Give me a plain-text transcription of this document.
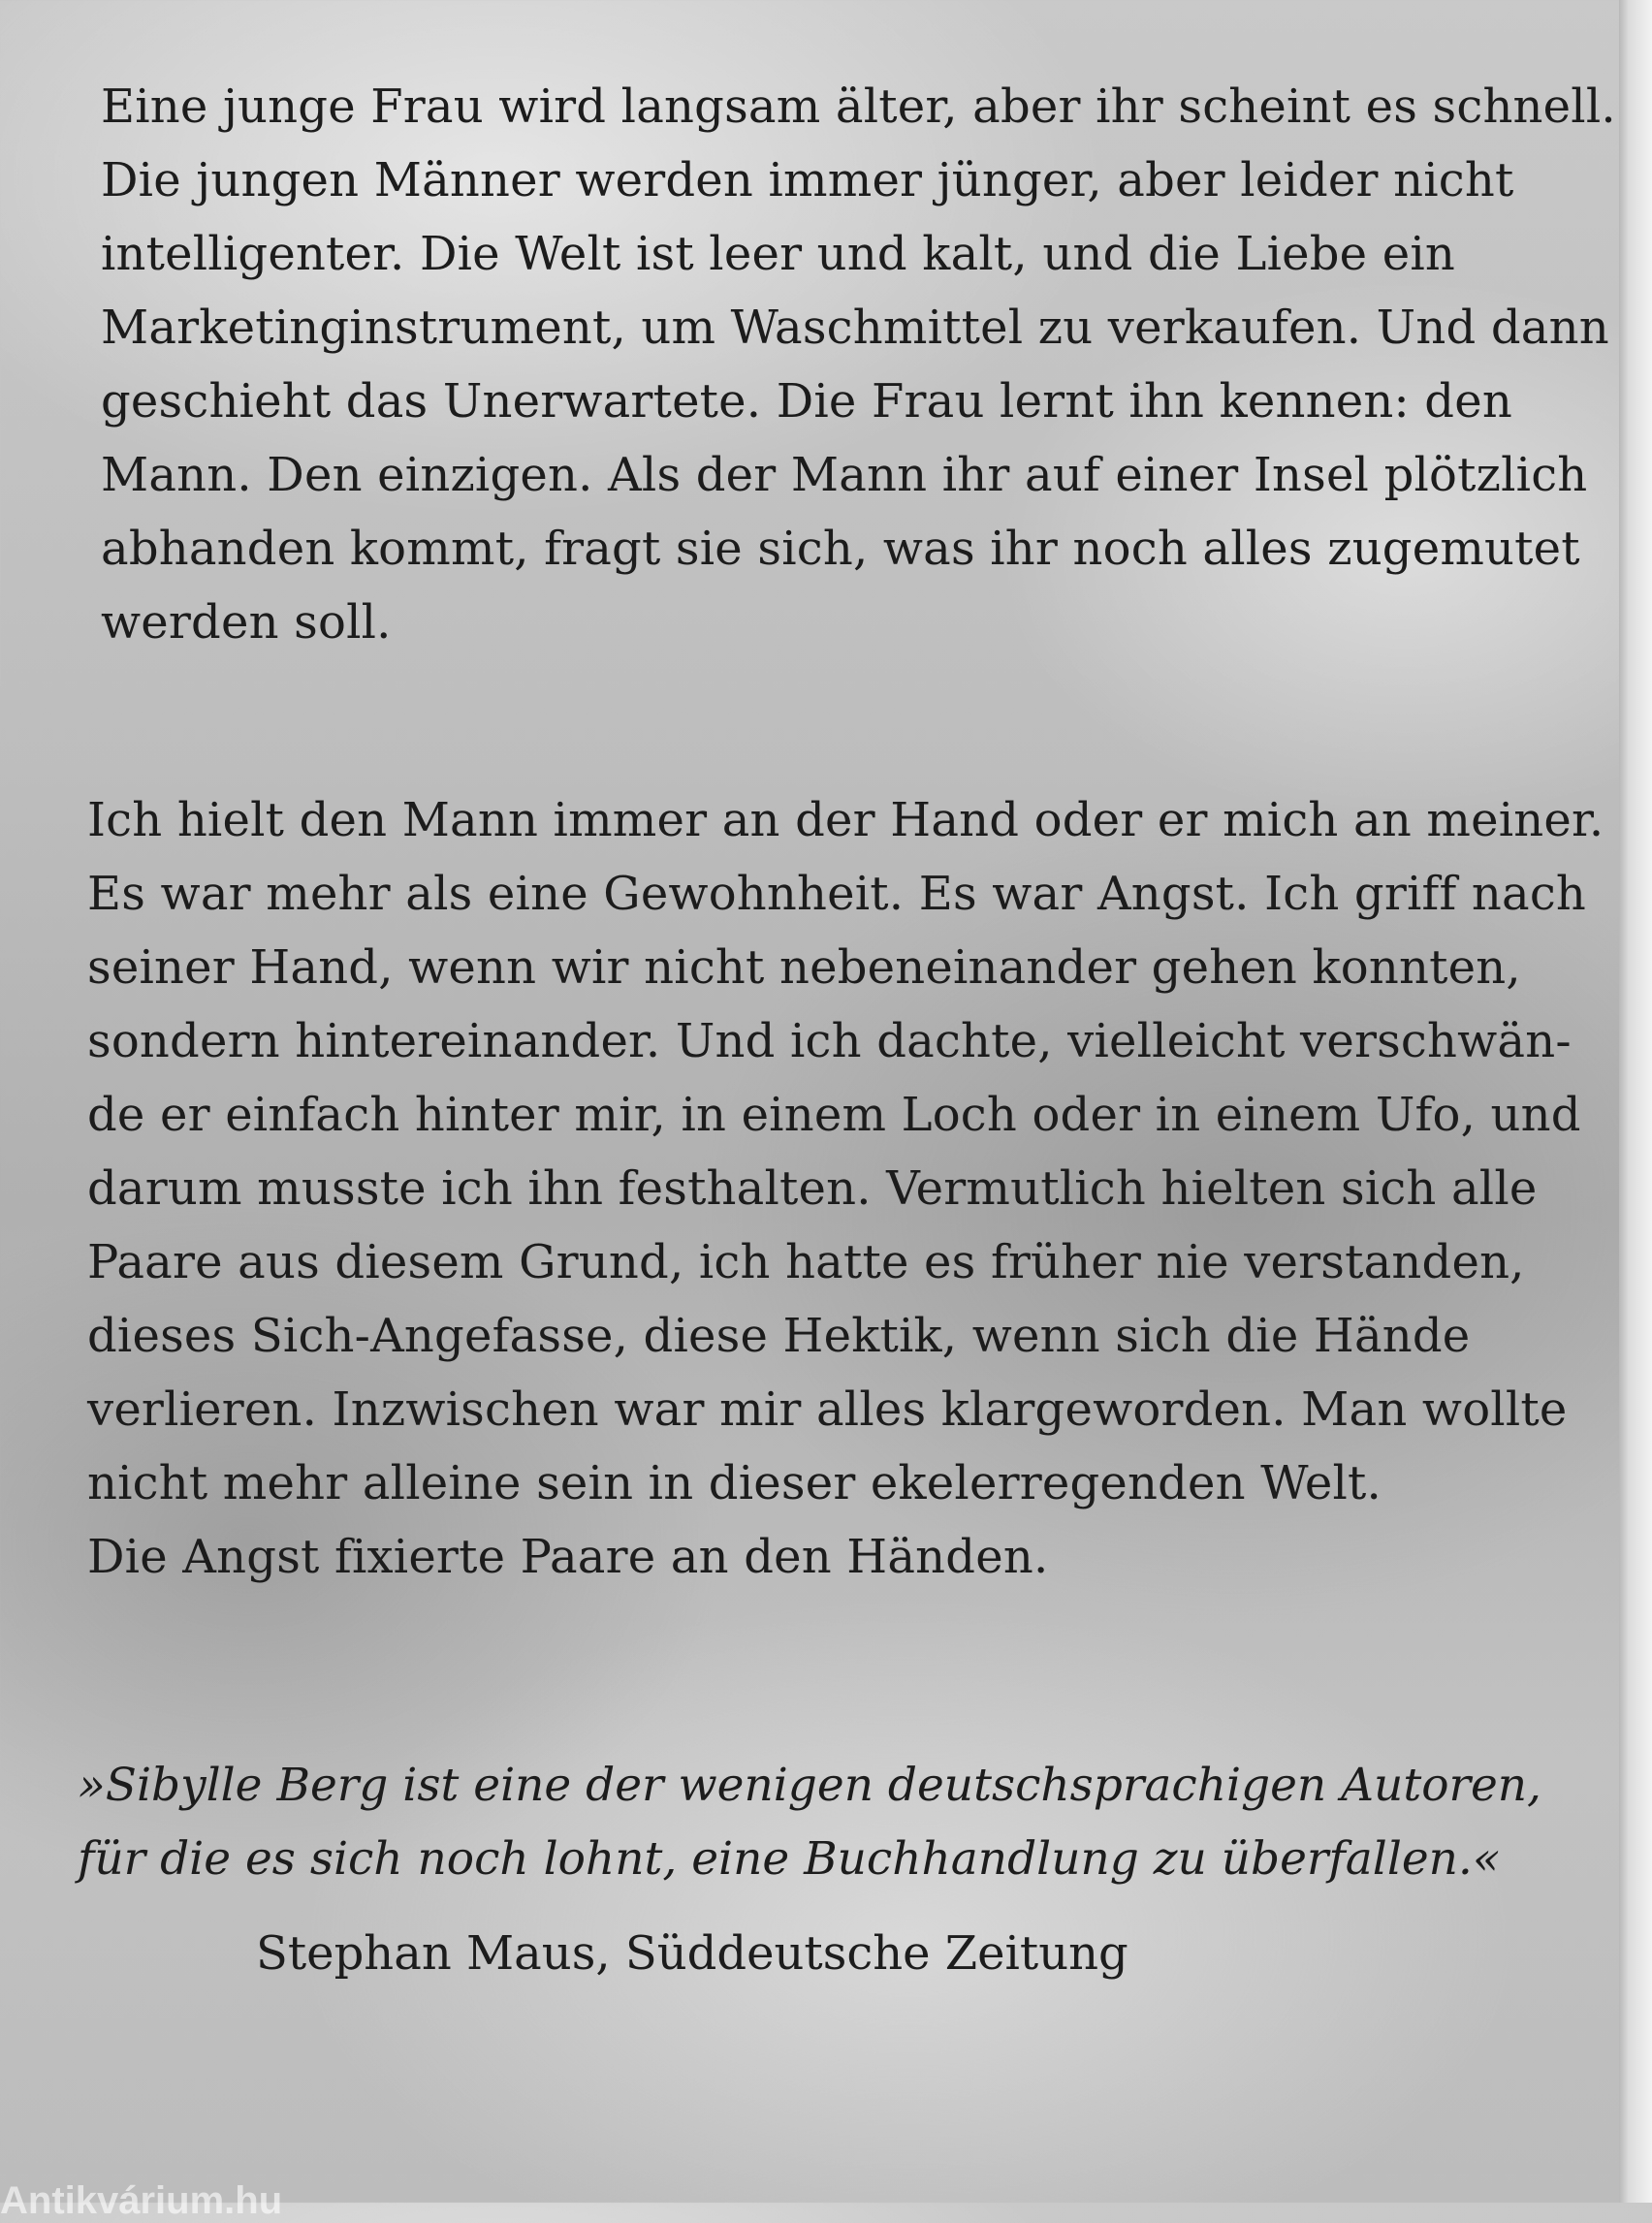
Eine junge Frau wird langsam älter, aber ihr scheint es schnell.
Die jungen Männer werden immer jünger, aber leider nicht
intelligenter. Die Welt ist leer und kalt, und die Liebe ein
Marketinginstrument, um Waschmittel zu verkaufen. Und dann
geschieht das Unerwartete. Die Frau lernt ihn kennen: den
Mann. Den einzigen. Als der Mann ihr auf einer Insel plötzlich
abhanden kommt, fragt sie sich, was ihr noch alles zugemutet
werden soll.
Ich hielt den Mann immer an der Hand oder er mich an meiner.
Es war mehr als eine Gewohnheit. Es war Angst. Ich griff nach
seiner Hand, wenn wir nicht nebeneinander gehen konnten,
sondern hintereinander. Und ich dachte, vielleicht verschwän-
de er einfach hinter mir, in einem Loch oder in einem Ufo, und
darum musste ich ihn festhalten. Vermutlich hielten sich alle
Paare aus diesem Grund, ich hatte es früher nie verstanden,
dieses Sich-Angefasse, diese Hektik, wenn sich die Hände
verlieren. Inzwischen war mir alles klargeworden. Man wollte
nicht mehr alleine sein in dieser ekelerregenden Welt.
Die Angst fixierte Paare an den Händen.
»Sibylle Berg ist eine der wenigen deutschsprachigen Autoren,
für die es sich noch lohnt, eine Buchhandlung zu überfallen.«
Stephan Maus, Süddeutsche Zeitung
Antikvárium.hu
